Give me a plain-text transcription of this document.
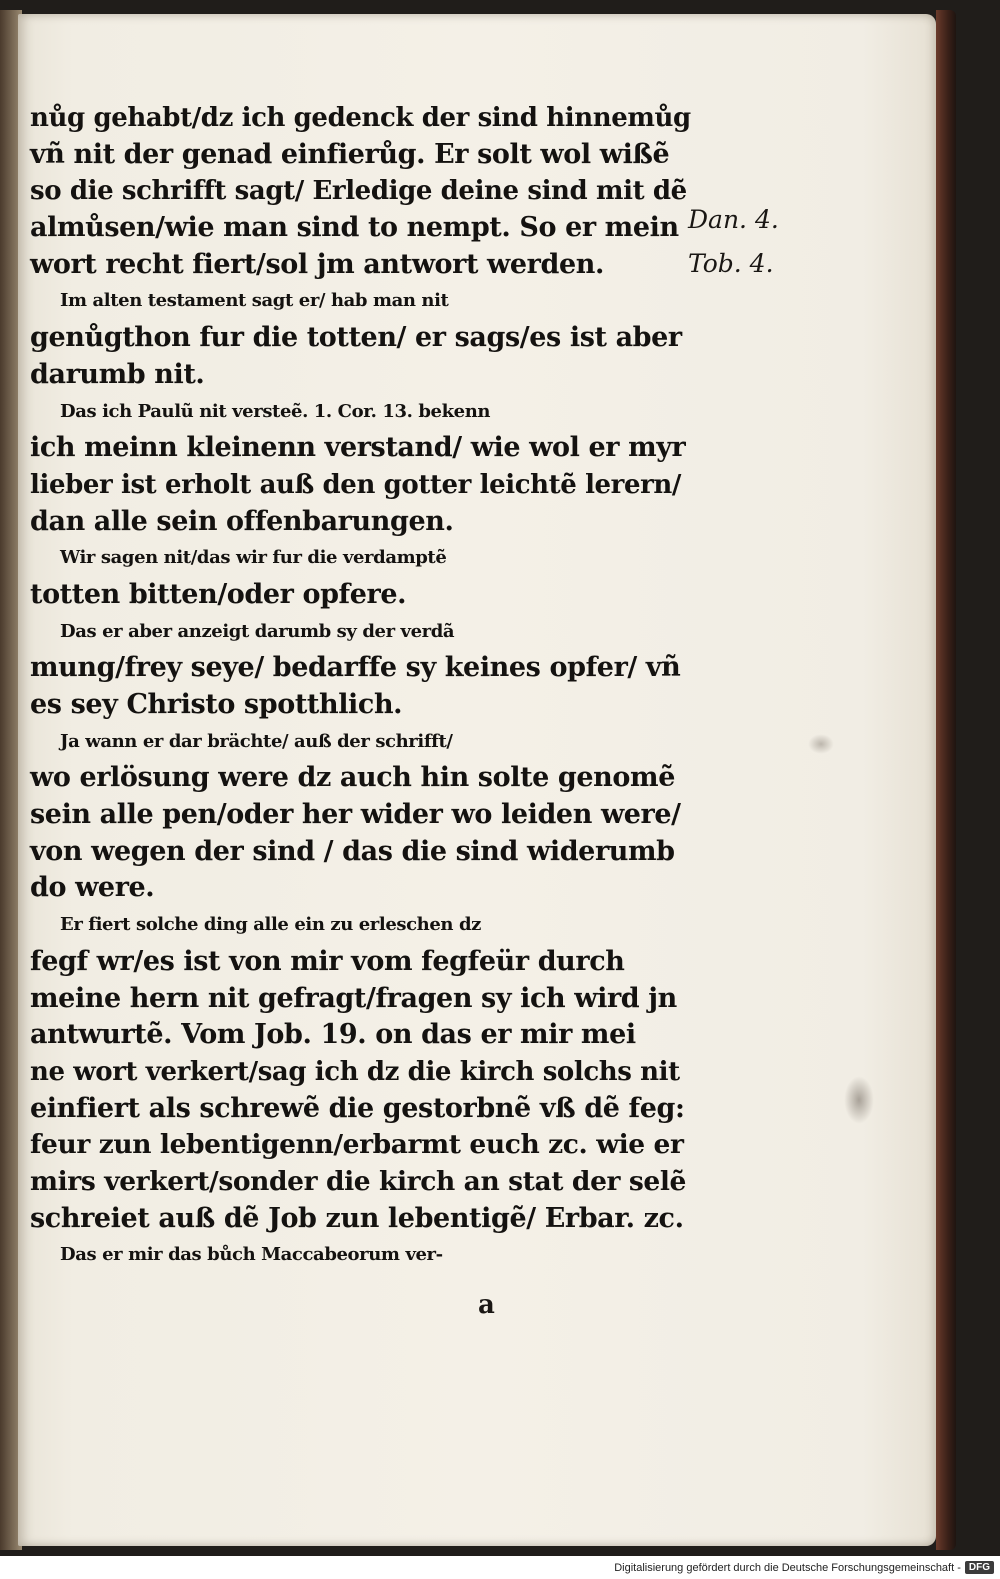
nůg gehabt/dz ich gedenck der sind hinnemůg
vñ nit der genad einfierůg. Er solt wol wißẽ
so die schrifft sagt/ Erledige deine sind mit dẽ
almůsen/wie man sind to nempt. So er mein
wort recht fiert/sol jm antwort werden.
Im alten testament sagt er/ hab man nit
genůgthon fur die totten/ er sags/es ist aber
darumb nit.
Das ich Paulũ nit versteẽ. 1. Cor. 13. bekenn
ich meinn kleinenn verstand/ wie wol er myr
lieber ist erholt auß den gotter leichtẽ lerern/
dan alle sein offenbarungen.
Wir sagen nit/das wir fur die verdamptẽ
totten bitten/oder opfere.
Das er aber anzeigt darumb sy der verdã
mung/frey seye/ bedarffe sy keines opfer/ vñ
es sey Christo spotthlich.
Ja wann er dar brächte/ auß der schrifft/
wo erlösung were dz auch hin solte genomẽ
sein alle pen/oder her wider wo leiden were/
von wegen der sind / das die sind widerumb
do were.
Er fiert solche ding alle ein zu erleschen dz
fegf wr/es ist von mir vom fegfeür durch
meine hern nit gefragt/fragen sy ich wird jn
antwurtẽ. Vom Job. 19. on das er mir mei
ne wort verkert/sag ich dz die kirch solchs nit
einfiert als schrewẽ die gestorbnẽ vß dẽ feg:
feur zun lebentigenn/erbarmt euch zc. wie er
mirs verkert/sonder die kirch an stat der selẽ
schreiet auß dẽ Job zun lebentigẽ/ Erbar. zc.
Das er mir das bůch Maccabeorum ver-
Dan. 4.
Tob. 4.
a
Digitalisierung gefördert durch die Deutsche Forschungsgemeinschaft - DFG
